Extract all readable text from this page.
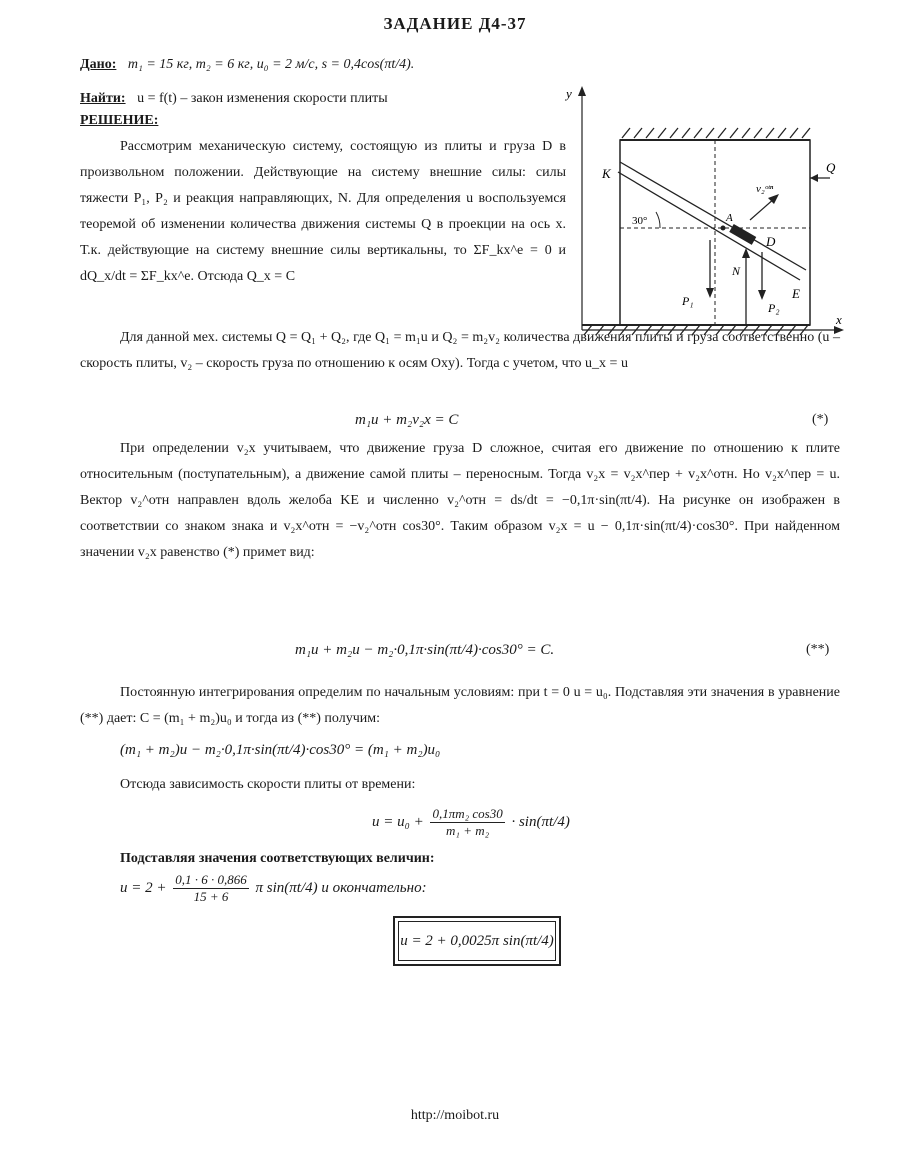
ЗАДАНИЕ Д4-37
Дано: m₁ = 15 кг, m₂ = 6 кг, u₀ = 2 м/с, s = 0,4cos(πt/4).
Найти: u = f(t) – закон изменения скорости плиты
РЕШЕНИЕ:
Рассмотрим механическую систему, состоящую из плиты и груза D в произвольном положении. Действующие на систему внешние силы: силы тяжести P₁, P₂ и реакция направляющих, N. Для определения u воспользуемся теоремой об изменении количества движения системы Q в проекции на ось x. Т.к. действующие на систему внешние силы вертикальны, то ΣF_kx^e = 0 и dQ_x/dt = ΣF_kx^e. Отсюда Q_x = C
y
x
K
E
30°	A
D
v₂ᵒᵗⁿ
P₁
N
P₂
Q
Для данной мех. системы Q = Q₁ + Q₂, где Q₁ = m₁u и Q₂ = m₂v₂ количества движения плиты и груза соответственно (u – скорость плиты, v₂ – скорость груза по отношению к осям Oxy). Тогда с учетом, что u_x = u
m₁u + m₂v₂x = C	(*)
При определении v₂x учитываем, что движение груза D сложное, считая его движение по отношению к плите относительным (поступательным), а движение самой плиты – переносным. Тогда v₂x = v₂x^пер + v₂x^отн. Но v₂x^пер = u. Вектор v₂^отн направлен вдоль желоба KE и численно v₂^отн = ds/dt = −0,1π·sin(πt/4). На рисунке он изображен в соответствии со знаком знака и v₂x^отн = −v₂^отн cos30°. Таким образом v₂x = u − 0,1π·sin(πt/4)·cos30°. При найденном значении v₂x равенство (*) примет вид:
m₁u + m₂u − m₂·0,1π·sin(πt/4)·cos30° = C.	(**)
Постоянную интегрирования определим по начальным условиям: при t = 0 u = u₀. Подставляя эти значения в уравнение (**) дает: C = (m₁ + m₂)u₀ и тогда из (**) получим:
(m₁ + m₂)u − m₂·0,1π·sin(πt/4)·cos30° = (m₁ + m₂)u₀
Отсюда зависимость скорости плиты от времени:
$u = u_0 + \frac{\text{0,1πm₂ cos30}}{\text{m₁ + m₂}} \cdot \sin(\pi t/4)$
Подставляя значения соответствующих величин:
$u = 2 + \frac{0,1 \cdot 6 \cdot 0,866}{15 + 6}$ π sin(πt/4) и окончательно:
u = 2 + 0,0025π sin(πt/4)
http://moibot.ru
